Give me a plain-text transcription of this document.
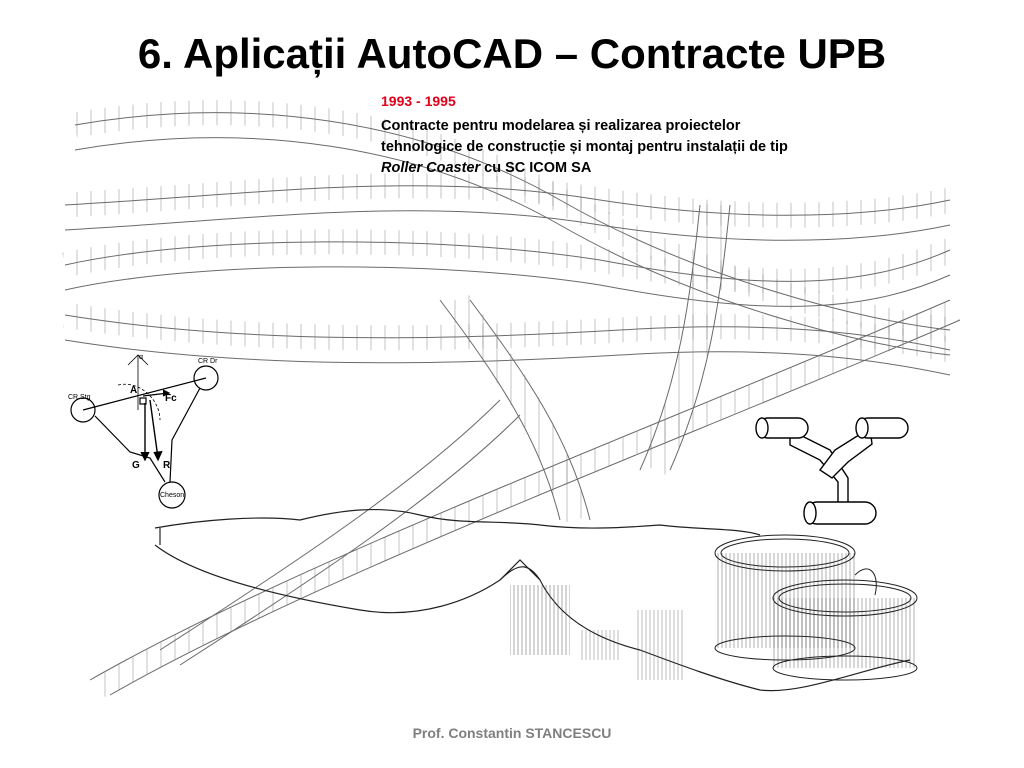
CR Stg
CR Dr
Cheson
A
Fc
G R
α
6. Aplicații AutoCAD – Contracte UPB
1993 - 1995
Contracte pentru modelarea și realizarea proiectelor
tehnologice de construcție și montaj pentru instalații de tip
Roller Coaster cu SC ICOM SA
Prof. Constantin STANCESCU
